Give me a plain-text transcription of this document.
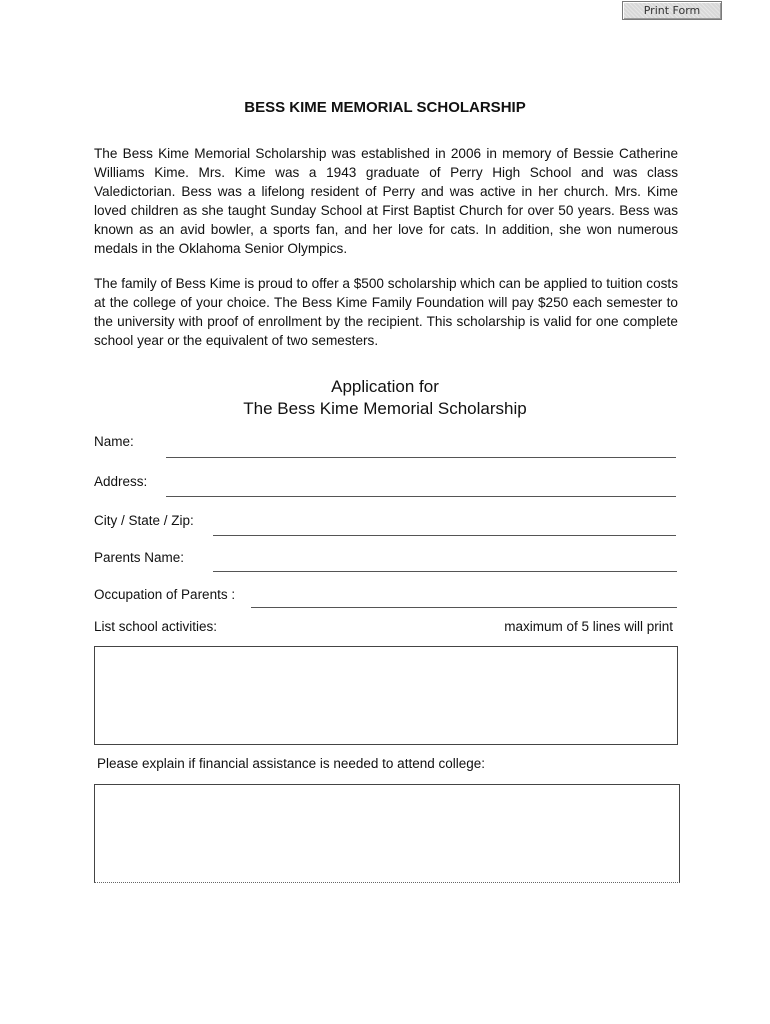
Print Form
BESS KIME MEMORIAL SCHOLARSHIP
The Bess Kime Memorial Scholarship was established in 2006 in memory of Bessie Catherine Williams Kime. Mrs. Kime was a 1943 graduate of Perry High School and was class Valedictorian. Bess was a lifelong resident of Perry and was active in her church. Mrs. Kime loved children as she taught Sunday School at First Baptist Church for over 50 years. Bess was known as an avid bowler, a sports fan, and her love for cats. In addition, she won numerous medals in the Oklahoma Senior Olympics.
The family of Bess Kime is proud to offer a $500 scholarship which can be applied to tuition costs at the college of your choice. The Bess Kime Family Foundation will pay $250 each semester to the university with proof of enrollment by the recipient. This scholarship is valid for one complete school year or the equivalent of two semesters.
Application for
The Bess Kime Memorial Scholarship
Name:
Address:
City / State / Zip:
Parents Name:
Occupation of Parents :
List school activities:	maximum of 5 lines will print
Please explain if financial assistance is needed to attend college:
